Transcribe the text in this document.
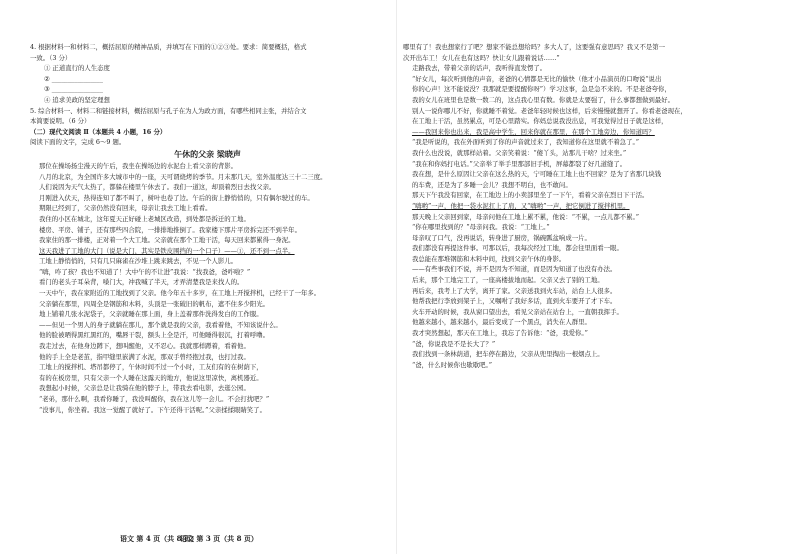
4. 根据材料一和材料二，概括屈原的精神品质，并填写在下面的①②③处。要求：简要概括，格式
一致。（3 分）
① 正道直行的人生态度
② ________________
③ ________________
④ 追求美政的坚定理想
5. 综合材料一、材料二和链接材料，概括屈原与孔子在为人为政方面，有哪些相同主张，并结合文
本简要说明。（6 分）
（二）现代文阅读 Ⅱ（本题共 4 小题，16 分）
阅读下面的文字，完成 6～9 题。
午休的父亲 梁晓声
那位在操场扬尘漫天的午后，我坐在操场边的水泥台上看父亲的背影。
八月的北京，为全国许多大城市中的一座，天可谓烧烤的季节。月末那几天，室外温度达三十二三度。
人们说因为天气太热了，都躲在楼里午休去了。我们一道这，却顶着烈日去找父亲。
月刚进入伏天，热得连知了都不叫了，树叶也卷了边。午后的街上静悄悄的，只有偶尔驶过的车。
期限已经到了，父亲仍然没有回来，母亲让我去工地上看看。
我住的小区在城北，这年夏天正好碰上老城区改造，到处都是拆迁的工地。
楼房、平房、铺子，还有那些四合院，一排排地推倒了。我家楼下那片平房拆完还不到半年。
我家住的那一排楼，正对着一个大工地。父亲就在那个工地干活，每天回来都累得一身泥。
这天我进了工地的大门（说是大门，其实是铁皮围挡的一个口子）——①，还不到一点半。
工地上静悄悄的，只有几只麻雀在沙堆上跳来跳去，不见一个人影儿。
“嗨，咋了孩？我也不知道了！大中午的不让进”我说：“找我爸，爸咋啦？”
看门的老头子耳朵背，嗓门大，冲我喊了半天，才弄清楚我是来找人的。
一天中午，我在家附近的工地找到了父亲。他今年五十多岁，在工地上开搅拌机，已经干了一年多。
父亲躺在那里，四周全是钢筋和木料，头顶是一张破旧的帆布，遮不住多少阳光。
地上铺着几张水泥袋子，父亲就睡在那上面，身上盖着那件洗得发白的工作服。
——但见一个男人的身子就躺在那儿，那个就是我的父亲，我看着他，不知该说什么。
他的脸被晒得黑红黑红的，嘴唇干裂，额头上全是汗，可他睡得很沉，打着呼噜。
我走过去，在他身边蹲下，想叫醒他，又不忍心。我就那样蹲着，看着他。
他的手上全是老茧，指甲缝里嵌满了水泥，那双手曾经抱过我，也打过我。
工地上的搅拌机、塔吊都停了，午休时间不过一个小时，工友们有的在树荫下，
有的在板房里，只有父亲一个人睡在这露天的地方，他说这里凉快，离机器近。
我想起小时候，父亲总是让我骑在他的脖子上，带我去看电影，去逛公园。
“老弟，那什么啊，我看你睡了，我没叫醒你，我在这儿等一会儿。不会打扰吧？”
“没事儿，你坐着。我这一觉醒了就好了。下午还得干活呢。”父亲揉揉眼睛笑了。
哪里有了！我也想家行了吧？想家不能总想给吗？多大人了，这要强有意思吗？我又不是第一
次开出车工！女儿在也有这吗？快让女儿跟着说话……”
走路我去，带着父亲的话声，我听得直发愣了。
“好女儿，每次听到他的声音，老爸的心情都是无比的愉快（他才小品演员的口吻说“说出
你的心声！这不能说没？我那就是要提醒你呀”）学习这事，急是急不来的。不是老爸夸你，
我的女儿在班里也是数一数二的，这点我心里有数。你就是太要强了，什么事都想做到最好。
别人一说你哪儿不好，你就睡不着觉。老爸年轻时候也这样，后来慢慢就想开了。你看老爸现在，
在工地上干活，虽然累点，可是心里踏实。你妈总说我没出息，可我觉得过日子就是这样，
——我回来你也出来，我是高中学生，回来你就在那里，在那个工地旁边，你知道吗？
“我是听说的，我在外面听到了你的声音就过来了，我知道你在这里就不着急了。”
我什么也没说，就那样站着。父亲笑着说：“傻丫头，站那儿干啥？过来坐。”
“我在和你妈打电话。”父亲举了举手里那部旧手机，屏幕都裂了好几道缝了。
我在想，是什么原因让父亲在这么热的天，宁可睡在工地上也不回家？是为了省那几块钱
的车费，还是为了多睡一会儿？我想不明白，也不敢问。
那天下午我没有回家，在工地边上的小卖部里坐了一下午，看着父亲在烈日下干活。
“嗨哟”一声，他把一袋水泥扛上了肩，又“嗨哟”一声，把它倒进了搅拌机里。
那天晚上父亲回到家，母亲问他在工地上累不累，他说：“不累，一点儿都不累。”
“你在哪里找到的？”母亲问我。我说：“工地上。”
母亲叹了口气，没再说话，转身进了厨房，锅碗瓢盆响成一片。
我们都没有再提这件事。可那以后，我每次经过工地，都会往里面看一眼。
我总能在那堆钢筋和木料中间，找到父亲午休的身影。
——有些事我们不说，并不是因为不知道，而是因为知道了也没有办法。
后来，那个工地完工了，一座高楼拔地而起。父亲又去了别的工地。
再后来，我考上了大学，离开了家。父亲送我到火车站，站台上人很多。
他帮我把行李放到架子上，又嘱咐了我好多话，直到火车要开了才下车。
火车开动的时候，我从窗口望出去，看见父亲站在站台上，一直朝我挥手。
他越来越小，越来越小，最后变成了一个黑点，消失在人群里。
我才突然想起，那天在工地上，我忘了告诉他：“爸，我爱你。”
“爸，你说我是不是长大了？”
我们找到一条林荫道，把车停在路边，父亲从兜里掏出一根烟点上。
“爸，什么时候你也歇歇吧。”
语文 第 3 页（共 8 页）
语文 第 4 页（共 8 页）
